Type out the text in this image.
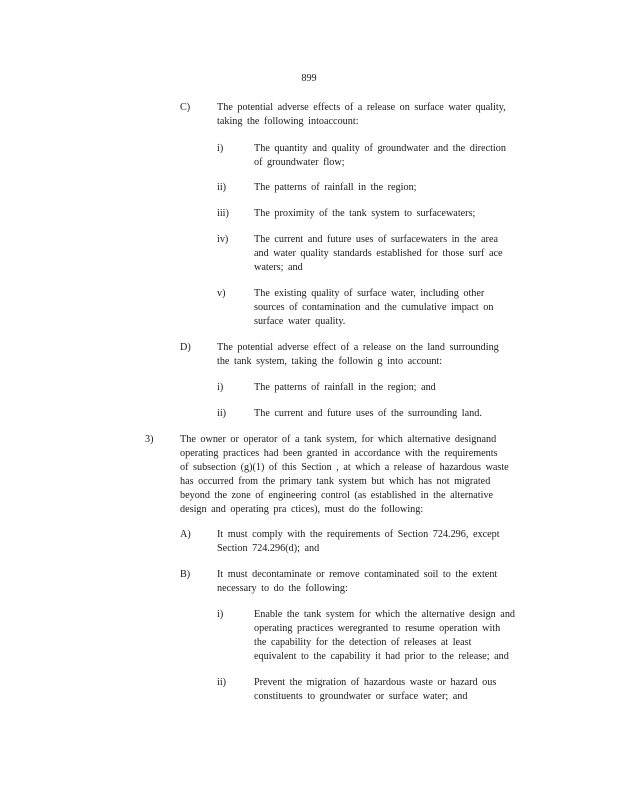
899
C)	The potential adverse effects of a release on surface water quality,
taking the following intoaccount:
i)	The quantity and quality of groundwater and the direction
of groundwater flow;
ii)	The patterns of rainfall in the region;
iii) The proximity of the tank system to surfacewaters;
iv)	The current and future uses of surfacewaters in the area
and water quality standards established for those surf ace
waters; and
v)	The existing quality of surface water, including other
sources of contamination and the cumulative impact on
surface water quality.
D)	The potential adverse effect of a release on the land surrounding
the tank system, taking the followin g into account:
i)	The patterns of rainfall in the region; and
ii)	The current and future uses of the surrounding land.
3)	The owner or operator of a tank system, for which alternative designand
operating practices had been granted in accordance with the requirements
of subsection (g)(1) of this Section , at which a release of hazardous waste
has occurred from the primary tank system but which has not migrated
beyond the zone of engineering control (as established in the alternative
design and operating pra ctices), must do the following:
A)	It must comply with the requirements of Section 724.296, except
Section 724.296(d); and
B)	It must decontaminate or remove contaminated soil to the extent
necessary to do the following:
i)	Enable the tank system for which the alternative design and
operating practices weregranted to resume operation with
the capability for the detection of releases at least
equivalent to the capability it had prior to the release; and
ii)	Prevent the migration of hazardous waste or hazard ous
constituents to groundwater or surface water; and
